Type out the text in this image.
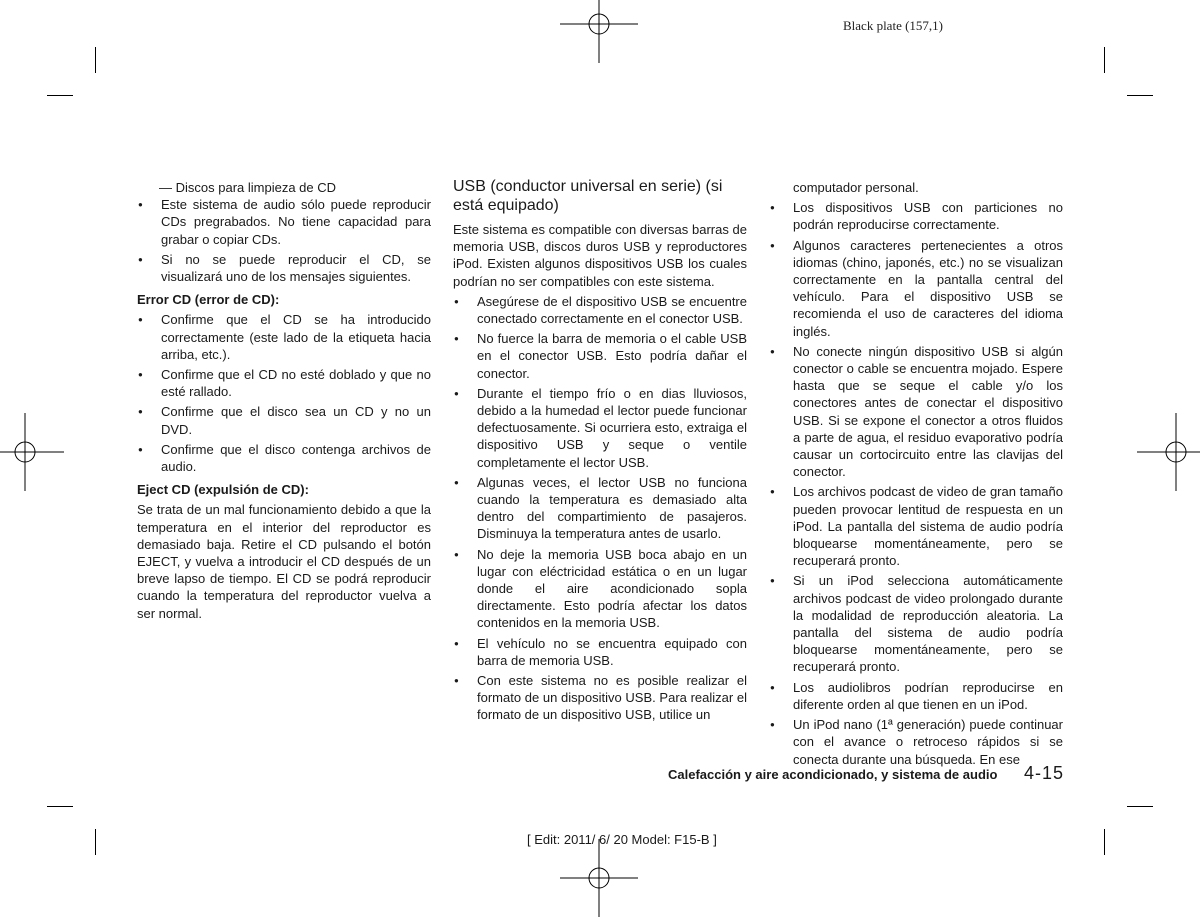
Black plate (157,1)

— Discos para limpieza de CD

● Este sistema de audio sólo puede reproducir CDs pregrabados. No tiene capacidad para grabar o copiar CDs.
● Si no se puede reproducir el CD, se visualizará uno de los mensajes siguientes.
Error CD (error de CD):
● Confirme que el CD se ha introducido correctamente (este lado de la etiqueta hacia arriba, etc.).
● Confirme que el CD no esté doblado y que no esté rallado.
● Confirme que el disco sea un CD y no un DVD.
● Confirme que el disco contenga archivos de audio.
Eject CD (expulsión de CD):

Se trata de un mal funcionamiento debido a que la temperatura en el interior del reproductor es demasiado baja. Retire el CD pulsando el botón EJECT, y vuelva a introducir el CD después de un breve lapso de tiempo. El CD se podrá reproducir cuando la temperatura del reproductor vuelva a ser normal.

USB (conductor universal en serie) (si está equipado)

Este sistema es compatible con diversas barras de memoria USB, discos duros USB y reproductores iPod. Existen algunos dispositivos USB los cuales podrían no ser compatibles con este sistema.

● Asegúrese de el dispositivo USB se encuentre conectado correctamente en el conector USB.
● No fuerce la barra de memoria o el cable USB en el conector USB. Esto podría dañar el conector.
● Durante el tiempo frío o en dias lluviosos, debido a la humedad el lector puede funcionar defectuosamente. Si ocurriera esto, extraiga el dispositivo USB y seque o ventile completamente el lector USB.
● Algunas veces, el lector USB no funciona cuando la temperatura es demasiado alta dentro del compartimiento de pasajeros. Disminuya la temperatura antes de usarlo.
● No deje la memoria USB boca abajo en un lugar con eléctricidad estática o en un lugar donde el aire acondicionado sopla directamente. Esto podría afectar los datos contenidos en la memoria USB.
● El vehículo no se encuentra equipado con barra de memoria USB.
● Con este sistema no es posible realizar el formato de un dispositivo USB. Para realizar el formato de un dispositivo USB, utilice un

computador personal.

● Los dispositivos USB con particiones no podrán reproducirse correctamente.
● Algunos caracteres pertenecientes a otros idiomas (chino, japonés, etc.) no se visualizan correctamente en la pantalla central del vehículo. Para el dispositivo USB se recomienda el uso de caracteres del idioma inglés.
● No conecte ningún dispositivo USB si algún conector o cable se encuentra mojado. Espere hasta que se seque el cable y/o los conectores antes de conectar el dispositivo USB. Si se expone el conector a otros fluidos a parte de agua, el residuo evaporativo podría causar un cortocircuito entre las clavijas del conector.
● Los archivos podcast de video de gran tamaño pueden provocar lentitud de respuesta en un iPod. La pantalla del sistema de audio podría bloquearse momentáneamente, pero se recuperará pronto.
● Si un iPod selecciona automáticamente archivos podcast de video prolongado durante la modalidad de reproducción aleatoria. La pantalla del sistema de audio podría bloquearse momentáneamente, pero se recuperará pronto.
● Los audiolibros podrían reproducirse en diferente orden al que tienen en un iPod.
● Un iPod nano (1ª generación) puede continuar con el avance o retroceso rápidos si se conecta durante una búsqueda. En ese
Calefacción y aire acondicionado, y sistema de audio 4-15
[ Edit: 2011/ 6/ 20 Model: F15-B ]
